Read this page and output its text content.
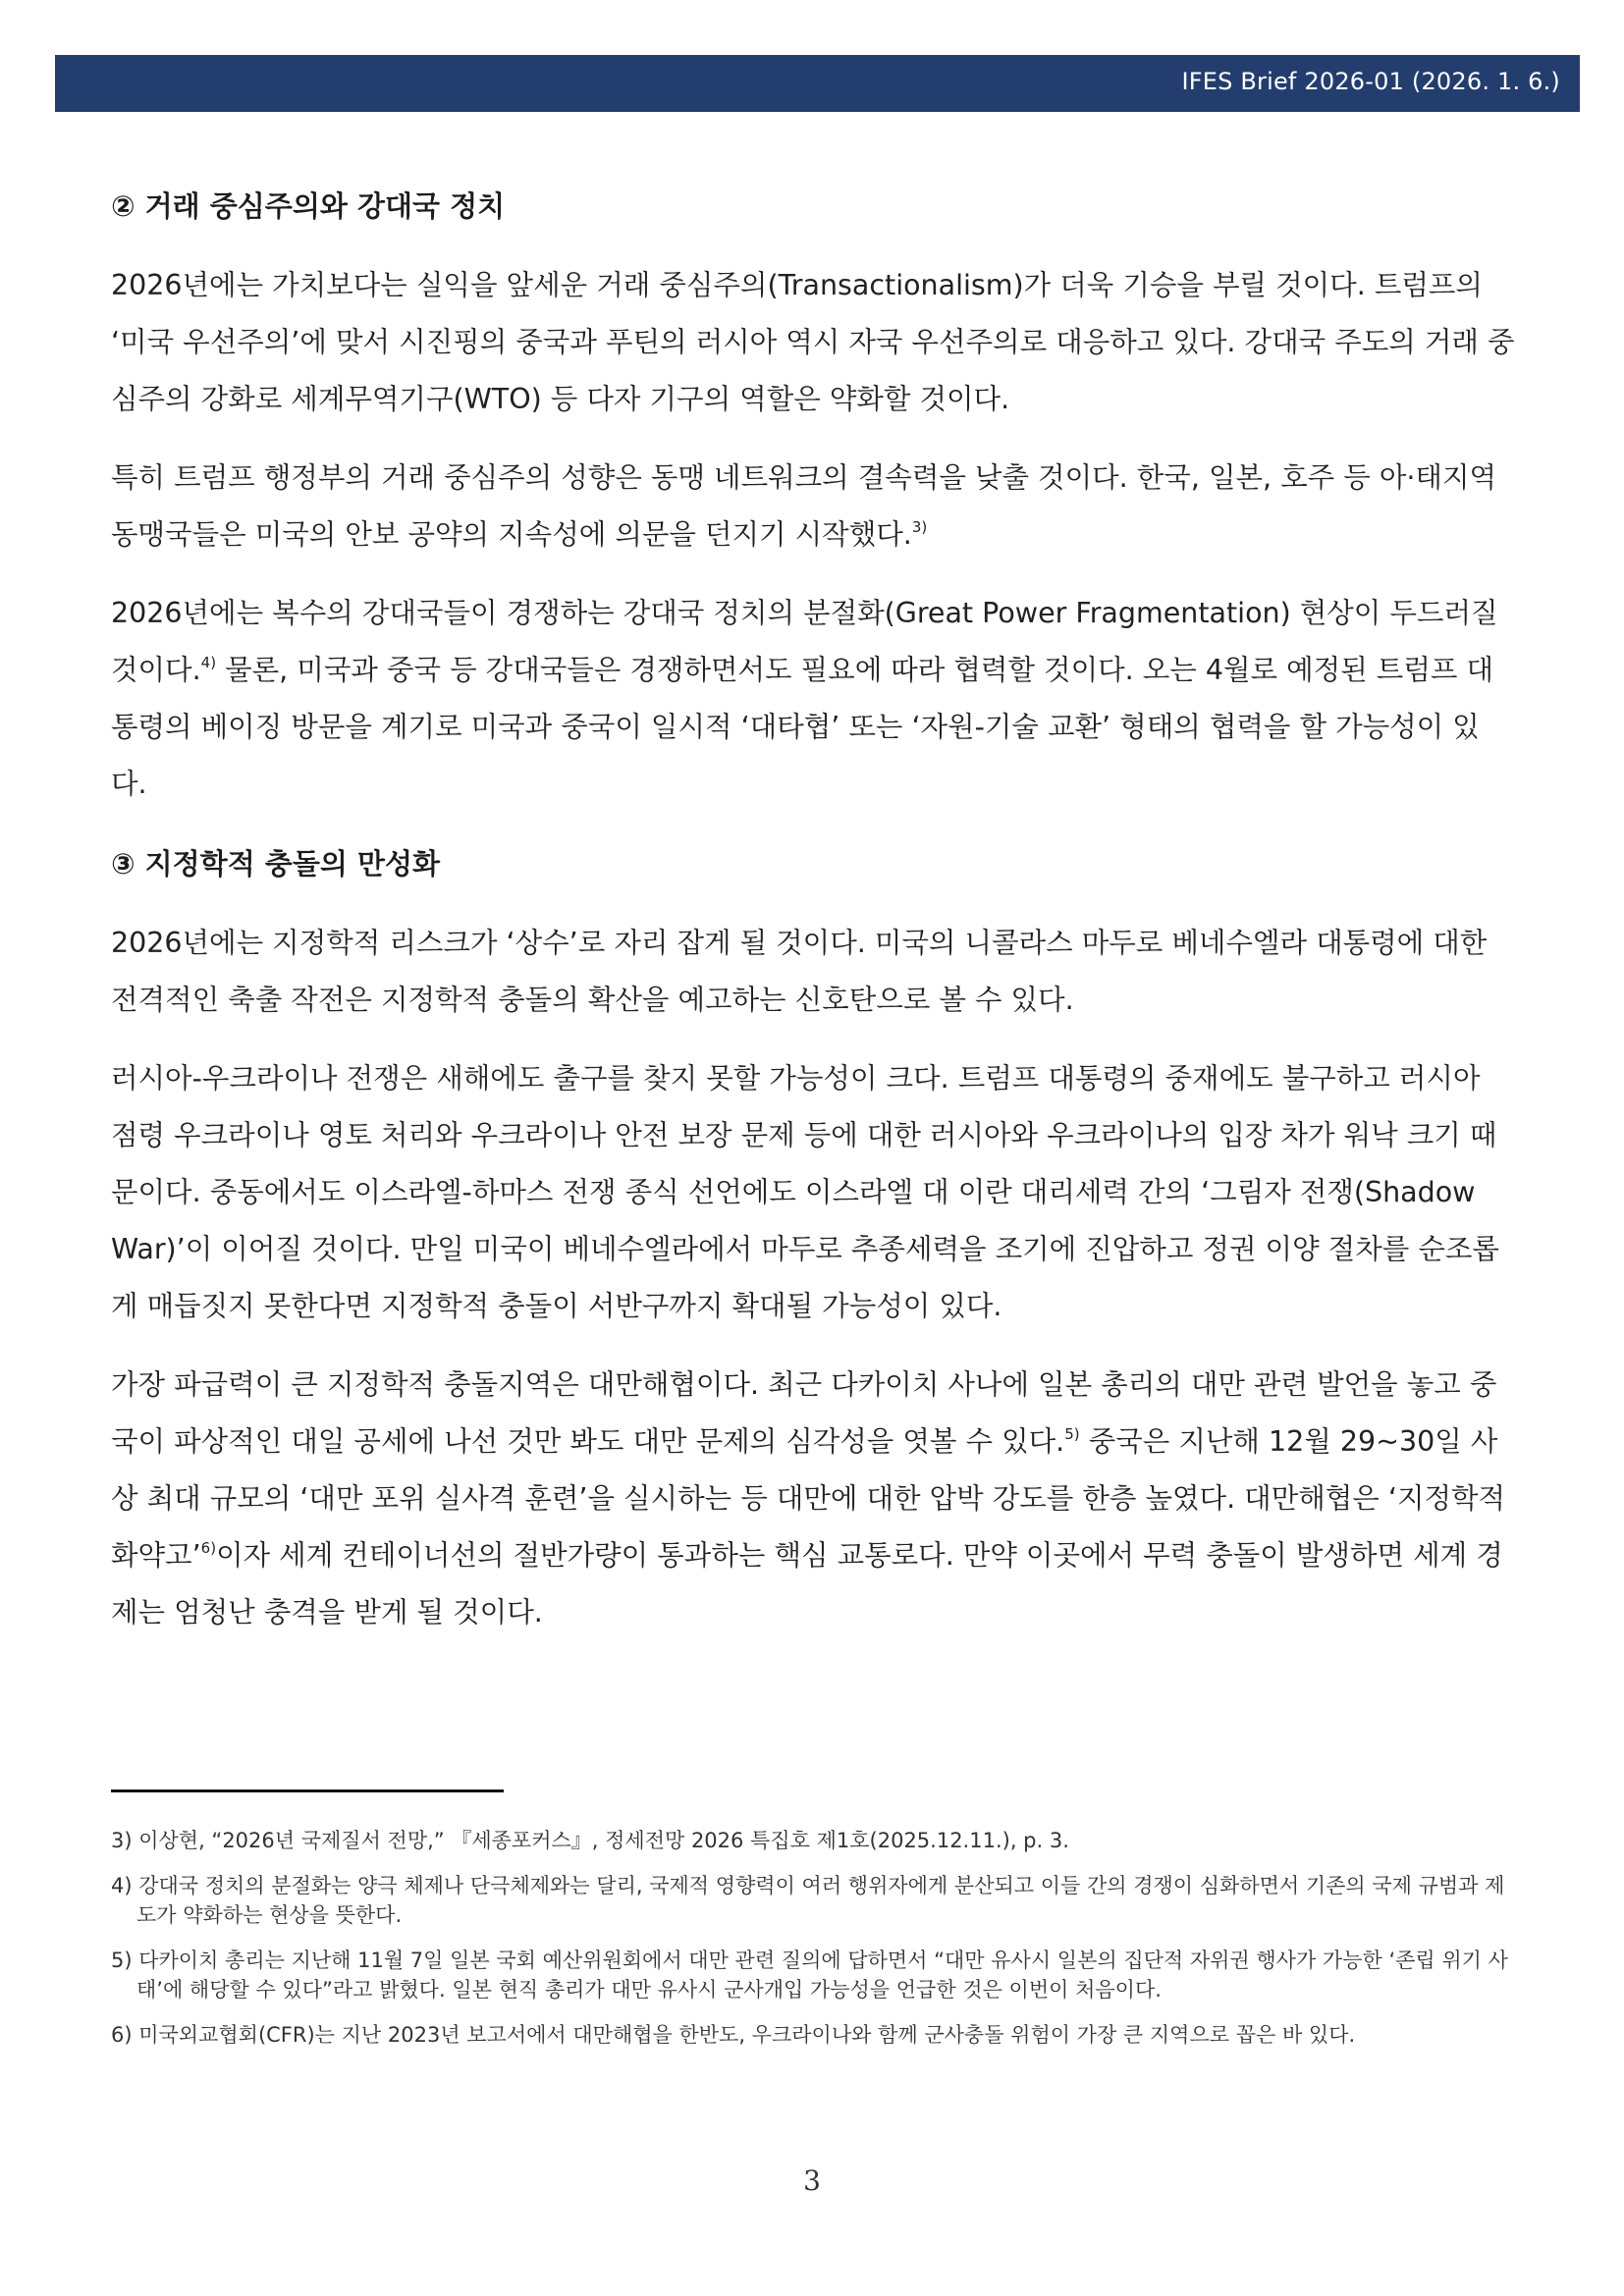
IFES Brief 2026-01 (2026. 1. 6.)
② 거래 중심주의와 강대국 정치

2026년에는 가치보다는 실익을 앞세운 거래 중심주의(Transactionalism)가 더욱 기승을 부릴 것이다. 트럼프의 ‘미국 우선주의’에 맞서 시진핑의 중국과 푸틴의 러시아 역시 자국 우선주의로 대응하고 있다. 강대국 주도의 거래 중심주의 강화로 세계무역기구(WTO) 등 다자 기구의 역할은 약화할 것이다.

특히 트럼프 행정부의 거래 중심주의 성향은 동맹 네트워크의 결속력을 낮출 것이다. 한국, 일본, 호주 등 아·태지역 동맹국들은 미국의 안보 공약의 지속성에 의문을 던지기 시작했다.$^{3)}$

2026년에는 복수의 강대국들이 경쟁하는 강대국 정치의 분절화(Great Power Fragmentation) 현상이 두드러질 것이다.$^{4)}$ 물론, 미국과 중국 등 강대국들은 경쟁하면서도 필요에 따라 협력할 것이다. 오는 4월로 예정된 트럼프 대통령의 베이징 방문을 계기로 미국과 중국이 일시적 ‘대타협’ 또는 ‘자원-기술 교환’ 형태의 협력을 할 가능성이 있다.

③ 지정학적 충돌의 만성화

2026년에는 지정학적 리스크가 ‘상수’로 자리 잡게 될 것이다. 미국의 니콜라스 마두로 베네수엘라 대통령에 대한 전격적인 축출 작전은 지정학적 충돌의 확산을 예고하는 신호탄으로 볼 수 있다.

러시아-우크라이나 전쟁은 새해에도 출구를 찾지 못할 가능성이 크다. 트럼프 대통령의 중재에도 불구하고 러시아 점령 우크라이나 영토 처리와 우크라이나 안전 보장 문제 등에 대한 러시아와 우크라이나의 입장 차가 워낙 크기 때문이다. 중동에서도 이스라엘-하마스 전쟁 종식 선언에도 이스라엘 대 이란 대리세력 간의 ‘그림자 전쟁(Shadow War)’이 이어질 것이다. 만일 미국이 베네수엘라에서 마두로 추종세력을 조기에 진압하고 정권 이양 절차를 순조롭게 매듭짓지 못한다면 지정학적 충돌이 서반구까지 확대될 가능성이 있다.

가장 파급력이 큰 지정학적 충돌지역은 대만해협이다. 최근 다카이치 사나에 일본 총리의 대만 관련 발언을 놓고 중국이 파상적인 대일 공세에 나선 것만 봐도 대만 문제의 심각성을 엿볼 수 있다.$^{5)}$ 중국은 지난해 12월 29~30일 사상 최대 규모의 ‘대만 포위 실사격 훈련’을 실시하는 등 대만에 대한 압박 강도를 한층 높였다. 대만해협은 ‘지정학적 화약고’$^{6)}$이자 세계 컨테이너선의 절반가량이 통과하는 핵심 교통로다. 만약 이곳에서 무력 충돌이 발생하면 세계 경제는 엄청난 충격을 받게 될 것이다.

3) 이상현, “2026년 국제질서 전망,” 『세종포커스』, 정세전망 2026 특집호 제1호(2025.12.11.), p. 3.

4) 강대국 정치의 분절화는 양극 체제나 단극체제와는 달리, 국제적 영향력이 여러 행위자에게 분산되고 이들 간의 경쟁이 심화하면서 기존의 국제 규범과 제도가 약화하는 현상을 뜻한다.

5) 다카이치 총리는 지난해 11월 7일 일본 국회 예산위원회에서 대만 관련 질의에 답하면서 “대만 유사시 일본의 집단적 자위권 행사가 가능한 ‘존립 위기 사태’에 해당할 수 있다”라고 밝혔다. 일본 현직 총리가 대만 유사시 군사개입 가능성을 언급한 것은 이번이 처음이다.

6) 미국외교협회(CFR)는 지난 2023년 보고서에서 대만해협을 한반도, 우크라이나와 함께 군사충돌 위험이 가장 큰 지역으로 꼽은 바 있다.

3
